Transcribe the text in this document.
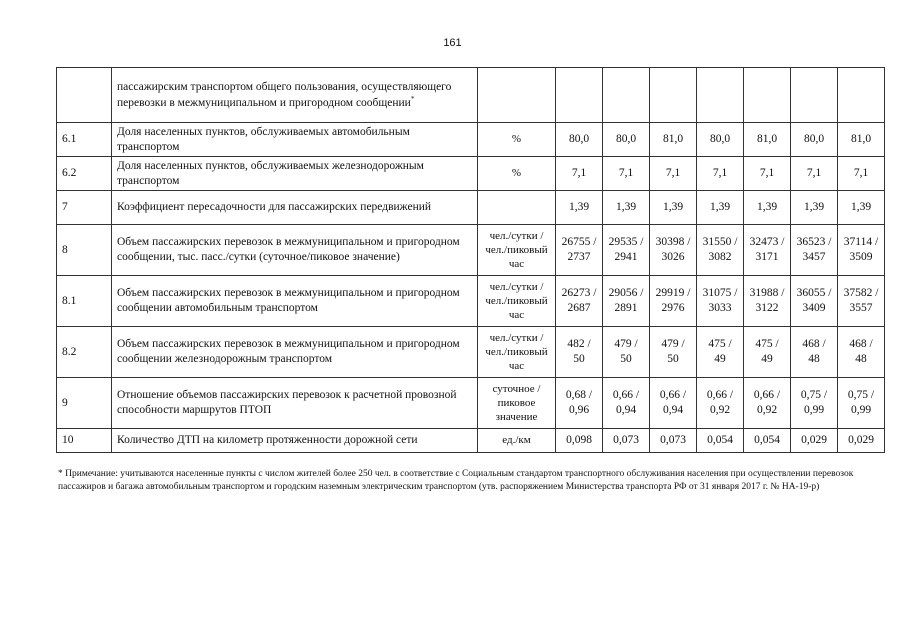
161
	пассажирским транспортом общего пользования, осуществляющего перевозки в межмуниципальном и пригородном сообщении*								
6.1	Доля населенных пунктов, обслуживаемых автомобильным транспортом	%	80,0	80,0	81,0	80,0	81,0	80,0	81,0
6.2	Доля населенных пунктов, обслуживаемых железнодорожным транспортом	%	7,1	7,1	7,1	7,1	7,1	7,1	7,1
7	Коэффициент пересадочности для пассажирских передвижений		1,39	1,39	1,39	1,39	1,39	1,39	1,39
8	Объем пассажирских перевозок в межмуниципальном и пригородном сообщении, тыс. пасс./сутки (суточное/пиковое значение)	чел./сутки / чел./пиковый час	26755 / 2737	29535 / 2941	30398 / 3026	31550 / 3082	32473 / 3171	36523 / 3457	37114 / 3509
8.1	Объем пассажирских перевозок в межмуниципальном и пригородном сообщении автомобильным транспортом	чел./сутки / чел./пиковый час	26273 / 2687	29056 / 2891	29919 / 2976	31075 / 3033	31988 / 3122	36055 / 3409	37582 / 3557
8.2	Объем пассажирских перевозок в межмуниципальном и пригородном сообщении железнодорожным транспортом	чел./сутки / чел./пиковый час	482 / 50	479 / 50	479 / 50	475 / 49	475 / 49	468 / 48	468 / 48
9	Отношение объемов пассажирских перевозок к расчетной провозной способности маршрутов ПТОП	суточное / пиковое значение	0,68 / 0,96	0,66 / 0,94	0,66 / 0,94	0,66 / 0,92	0,66 / 0,92	0,75 / 0,99	0,75 / 0,99
10	Количество ДТП на километр протяженности дорожной сети	ед./км	0,098	0,073	0,073	0,054	0,054	0,029	0,029
* Примечание: учитываются населенные пункты с числом жителей более 250 чел. в соответствие с Социальным стандартом транспортного обслуживания населения при осуществлении перевозок пассажиров и багажа автомобильным транспортом и городским наземным электрическим транспортом (утв. распоряжением Министерства транспорта РФ от 31 января 2017 г. № НА-19-р)
